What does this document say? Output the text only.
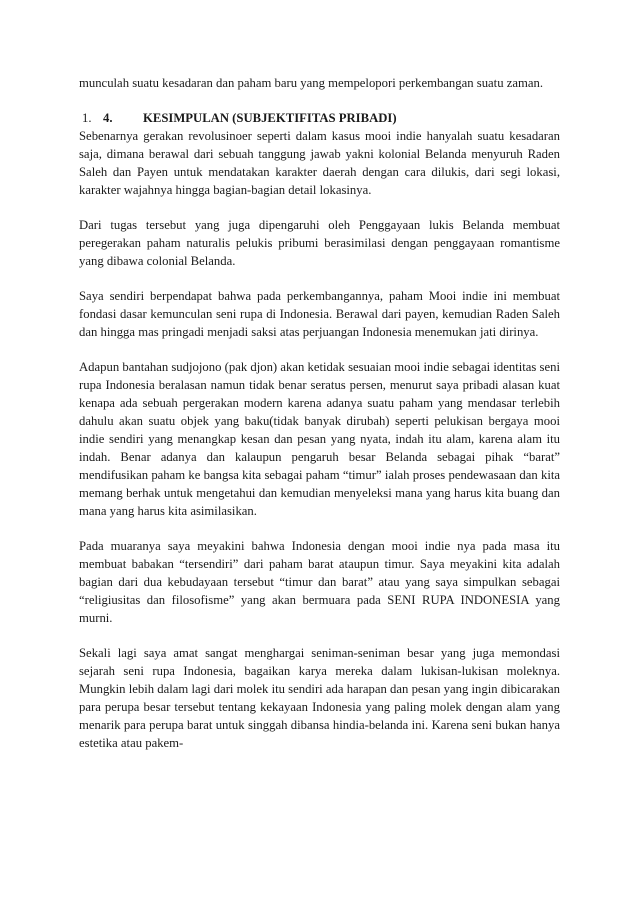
munculah suatu kesadaran dan paham baru yang mempelopori perkembangan suatu zaman.

1. 4.	KESIMPULAN (SUBJEKTIFITAS PRIBADI)

Sebenarnya gerakan revolusinoer seperti dalam kasus mooi indie hanyalah suatu kesadaran saja, dimana berawal dari sebuah tanggung jawab yakni kolonial Belanda menyuruh Raden Saleh dan Payen untuk mendatakan karakter daerah dengan cara dilukis, dari segi lokasi, karakter wajahnya hingga bagian-bagian detail lokasinya.

Dari tugas tersebut yang juga dipengaruhi oleh Penggayaan lukis Belanda membuat peregerakan paham naturalis pelukis pribumi berasimilasi dengan penggayaan romantisme yang dibawa colonial Belanda.

Saya sendiri berpendapat bahwa pada perkembangannya, paham Mooi indie ini membuat fondasi dasar kemunculan seni rupa di Indonesia. Berawal dari payen, kemudian Raden Saleh dan hingga mas pringadi menjadi saksi atas perjuangan Indonesia menemukan jati dirinya.

Adapun bantahan sudjojono (pak djon) akan ketidak sesuaian mooi indie sebagai identitas seni rupa Indonesia beralasan namun tidak benar seratus persen, menurut saya pribadi alasan kuat kenapa ada sebuah pergerakan modern karena adanya suatu paham yang mendasar terlebih dahulu akan suatu objek yang baku(tidak banyak dirubah) seperti pelukisan bergaya mooi indie sendiri yang menangkap kesan dan pesan yang nyata, indah itu alam, karena alam itu indah. Benar adanya dan kalaupun pengaruh besar Belanda sebagai pihak “barat” mendifusikan paham ke bangsa kita sebagai paham “timur” ialah proses pendewasaan dan kita memang berhak untuk mengetahui dan kemudian menyeleksi mana yang harus kita buang dan mana yang harus kita asimilasikan.

Pada muaranya saya meyakini bahwa Indonesia dengan mooi indie nya pada masa itu membuat babakan “tersendiri” dari paham barat ataupun timur. Saya meyakini kita adalah bagian dari dua kebudayaan tersebut “timur dan barat” atau yang saya simpulkan sebagai “religiusitas dan filosofisme” yang akan bermuara pada SENI RUPA INDONESIA yang murni.

Sekali lagi saya amat sangat menghargai seniman-seniman besar yang juga memondasi sejarah seni rupa Indonesia, bagaikan karya mereka dalam lukisan-lukisan moleknya. Mungkin lebih dalam lagi dari molek itu sendiri ada harapan dan pesan yang ingin dibicarakan para perupa besar tersebut tentang kekayaan Indonesia yang paling molek dengan alam yang menarik para perupa barat untuk singgah dibansa hindia-belanda ini. Karena seni bukan hanya estetika atau pakem-
